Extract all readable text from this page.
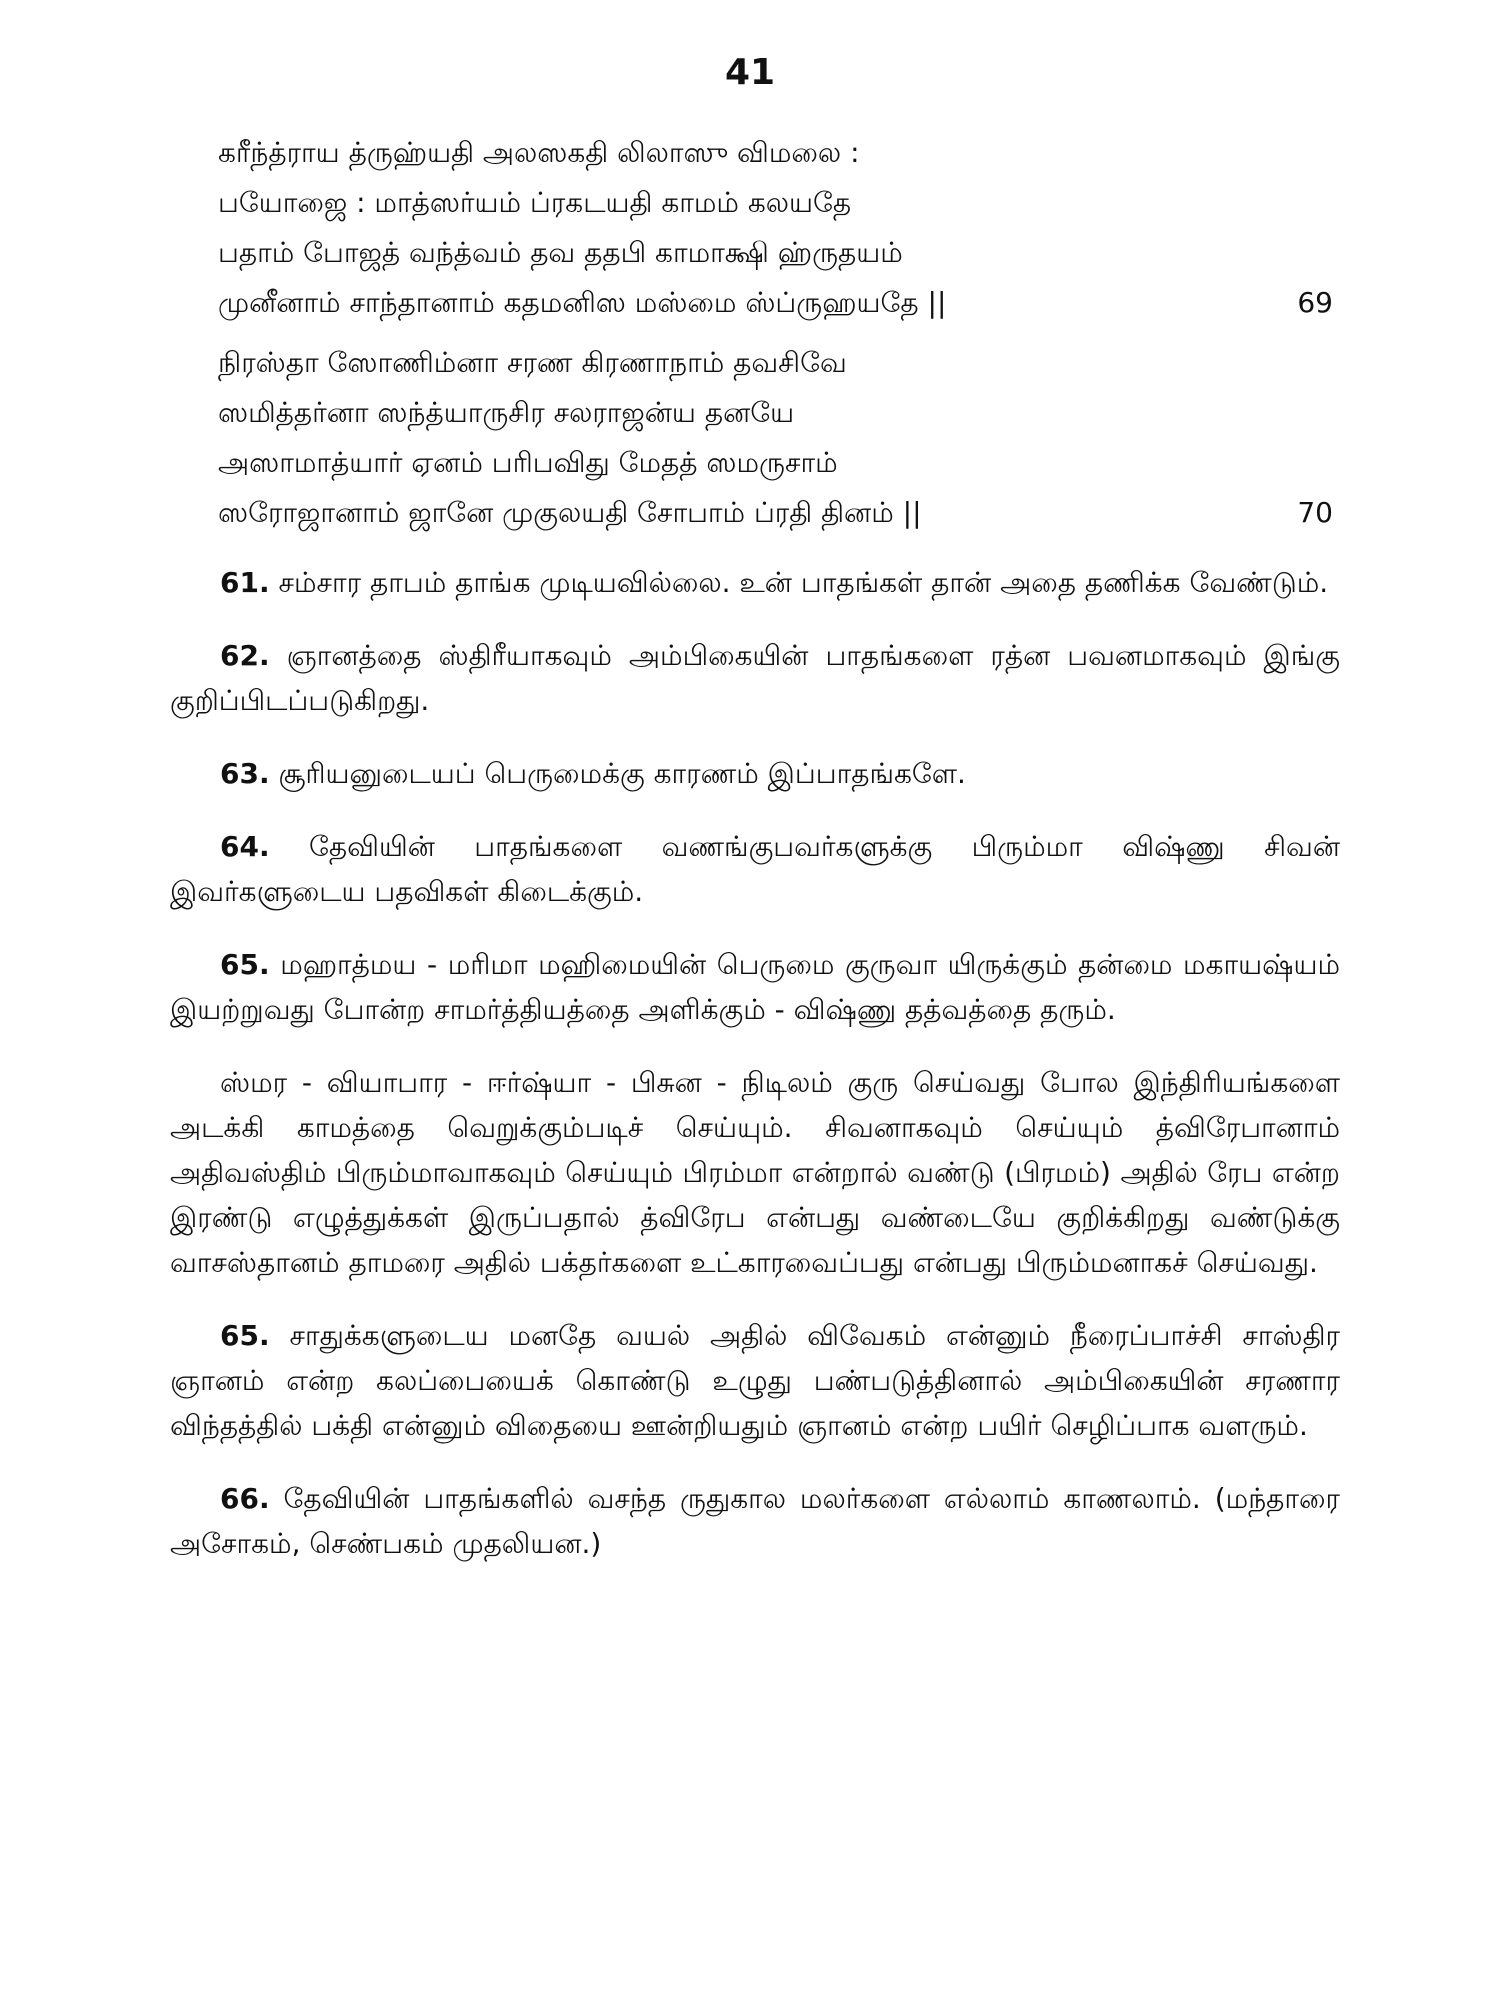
41
கரீந்த்ராய த்ருஹ்யதி அலஸகதி லிலாஸு விமலை :
பயோஜை : மாத்ஸர்யம் ப்ரகடயதி காமம் கலயதே
பதாம் போஜத் வந்த்வம் தவ ததபி காமாக்ஷி ஹ்ருதயம்
முனீனாம் சாந்தானாம் கதமனிஸ மஸ்மை ஸ்ப்ருஹயதே ||	69
நிரஸ்தா ஸோணிம்னா சரண கிரணாநாம் தவசிவே
ஸமித்தர்னா ஸந்த்யாருசிர சலராஜன்ய தனயே
அஸாமாத்யார் ஏனம் பரிபவிது மேதத் ஸமருசாம்
ஸரோஜானாம் ஜானே முகுலயதி சோபாம் ப்ரதி தினம் ||	70

61. சம்சார தாபம் தாங்க முடியவில்லை. உன் பாதங்கள் தான் அதை தணிக்க வேண்டும்.

62. ஞானத்தை ஸ்திரீயாகவும் அம்பிகையின் பாதங்களை ரத்ன பவனமாகவும் இங்கு குறிப்பிடப்படுகிறது.

63. சூரியனுடையப் பெருமைக்கு காரணம் இப்பாதங்களே.

64. தேவியின் பாதங்களை வணங்குபவர்களுக்கு பிரும்மா விஷ்ணு சிவன் இவர்களுடைய பதவிகள் கிடைக்கும்.

65. மஹாத்மய - மரிமா மஹிமையின் பெருமை குருவா யிருக்கும் தன்மை மகாயஷ்யம் இயற்றுவது போன்ற சாமர்த்தியத்தை அளிக்கும் - விஷ்ணு தத்வத்தை தரும்.

ஸ்மர - வியாபார - ஈர்ஷ்யா - பிசுன - நிடிலம் குரு செய்வது போல இந்திரியங்களை அடக்கி காமத்தை வெறுக்கும்படிச் செய்யும். சிவனாகவும் செய்யும் த்விரேபானாம் அதிவஸ்திம் பிரும்மாவாகவும் செய்யும் பிரம்மா என்றால் வண்டு (பிரமம்) அதில் ரேப என்ற இரண்டு எழுத்துக்கள் இருப்பதால் த்விரேப என்பது வண்டையே குறிக்கிறது வண்டுக்கு வாசஸ்தானம் தாமரை அதில் பக்தர்களை உட்காரவைப்பது என்பது பிரும்மனாகச் செய்வது.

65. சாதுக்களுடைய மனதே வயல் அதில் விவேகம் என்னும் நீரைப்பாச்சி சாஸ்திர ஞானம் என்ற கலப்பையைக் கொண்டு உழுது பண்படுத்தினால் அம்பிகையின் சரணார விந்தத்தில் பக்தி என்னும் விதையை ஊன்றியதும் ஞானம் என்ற பயிர் செழிப்பாக வளரும்.

66. தேவியின் பாதங்களில் வசந்த ருதுகால மலர்களை எல்லாம் காணலாம். (மந்தாரை அசோகம், செண்பகம் முதலியன.)
